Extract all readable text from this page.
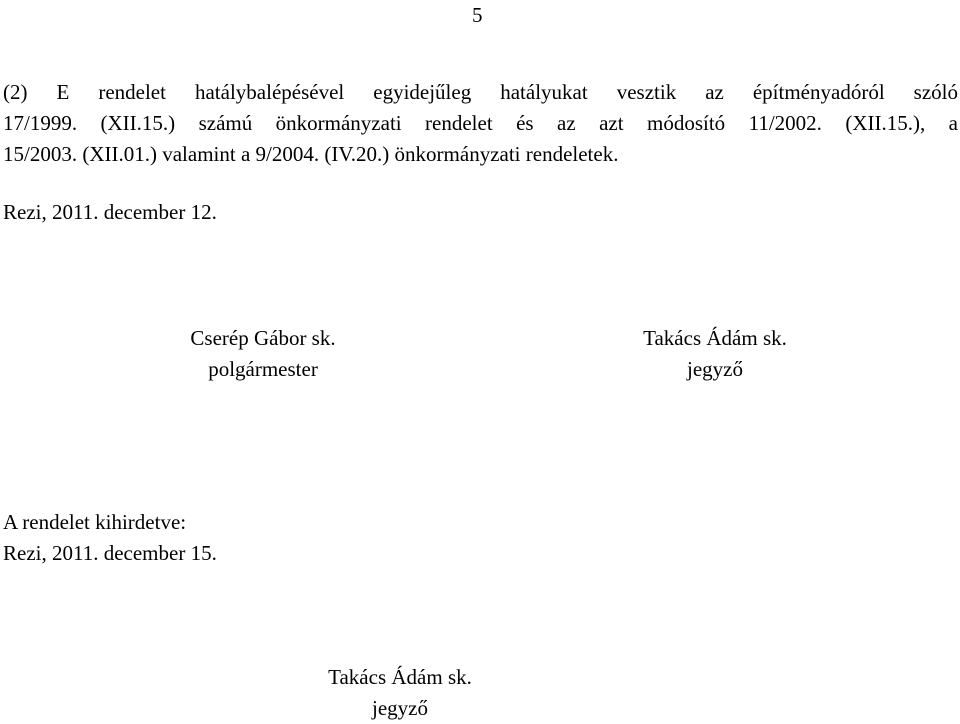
5

(2) E rendelet hatálybalépésével egyidejűleg hatályukat vesztik az építményadóról szóló
17/1999. (XII.15.) számú önkormányzati rendelet és az azt módosító 11/2002. (XII.15.), a
15/2003. (XII.01.) valamint a 9/2004. (IV.20.) önkormányzati rendeletek.

Rezi, 2011. december 12.
Cserép Gábor sk.
polgármester
Takács Ádám sk.
jegyző
A rendelet kihirdetve:
Rezi, 2011. december 15.
Takács Ádám sk.
jegyző
